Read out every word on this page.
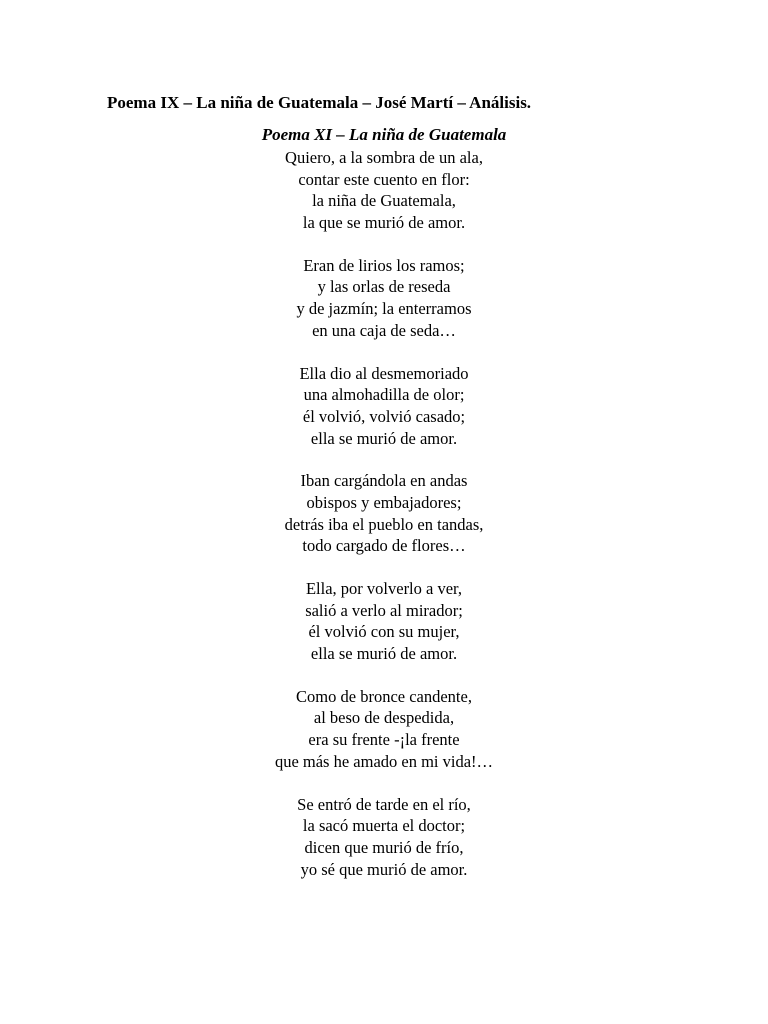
Poema IX – La niña de Guatemala – José Martí – Análisis.
Poema XI – La niña de Guatemala
Quiero, a la sombra de un ala,
contar este cuento en flor:
la niña de Guatemala,
la que se murió de amor.
Eran de lirios los ramos;
y las orlas de reseda
y de jazmín; la enterramos
en una caja de seda…
Ella dio al desmemoriado
una almohadilla de olor;
él volvió, volvió casado;
ella se murió de amor.
Iban cargándola en andas
obispos y embajadores;
detrás iba el pueblo en tandas,
todo cargado de flores…
Ella, por volverlo a ver,
salió a verlo al mirador;
él volvió con su mujer,
ella se murió de amor.
Como de bronce candente,
al beso de despedida,
era su frente -¡la frente
que más he amado en mi vida!…
Se entró de tarde en el río,
la sacó muerta el doctor;
dicen que murió de frío,
yo sé que murió de amor.
